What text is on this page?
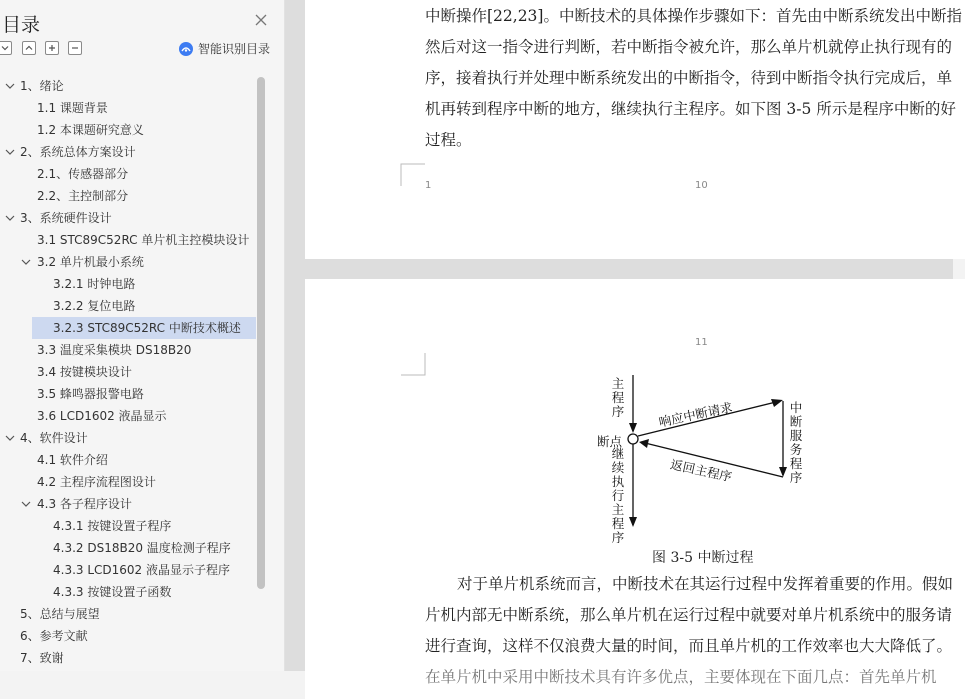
目录
智能识别目录
1、绪论
1.1 课题背景
1.2 本课题研究意义
2、系统总体方案设计
2.1、传感器部分
2.2、主控制部分
3、系统硬件设计
3.1 STC89C52RC 单片机主控模块设计
3.2 单片机最小系统
3.2.1 时钟电路
3.2.2 复位电路
3.2.3 STC89C52RC 中断技术概述
3.3 温度采集模块 DS18B20
3.4 按键模块设计
3.5 蜂鸣器报警电路
3.6 LCD1602 液晶显示
4、软件设计
4.1 软件介绍
4.2 主程序流程图设计
4.3 各子程序设计
4.3.1 按键设置子程序
4.3.2 DS18B20 温度检测子程序
4.3.3 LCD1602 液晶显示子程序
4.3.3 按键设置子函数
5、总结与展望
6、参考文献
7、致谢
中断操作[22,23]。中断技术的具体操作步骤如下：首先由中断系统发出中断指
然后对这一指令进行判断，若中断指令被允许，那么单片机就停止执行现有的
序，接着执行并处理中断系统发出的中断指令，待到中断指令执行完成后，单
机再转到程序中断的地方，继续执行主程序。如下图 3-5 所示是程序中断的好
过程。
1	10
11
主程序
断点
继续执行主程序
中断服务程序
响应中断请求
返回主程序
图 3-5 中断过程
对于单片机系统而言，中断技术在其运行过程中发挥着重要的作用。假如
片机内部无中断系统，那么单片机在运行过程中就要对单片机系统中的服务请
进行查询，这样不仅浪费大量的时间，而且单片机的工作效率也大大降低了。
在单片机中采用中断技术具有许多优点，主要体现在下面几点：首先单片机
